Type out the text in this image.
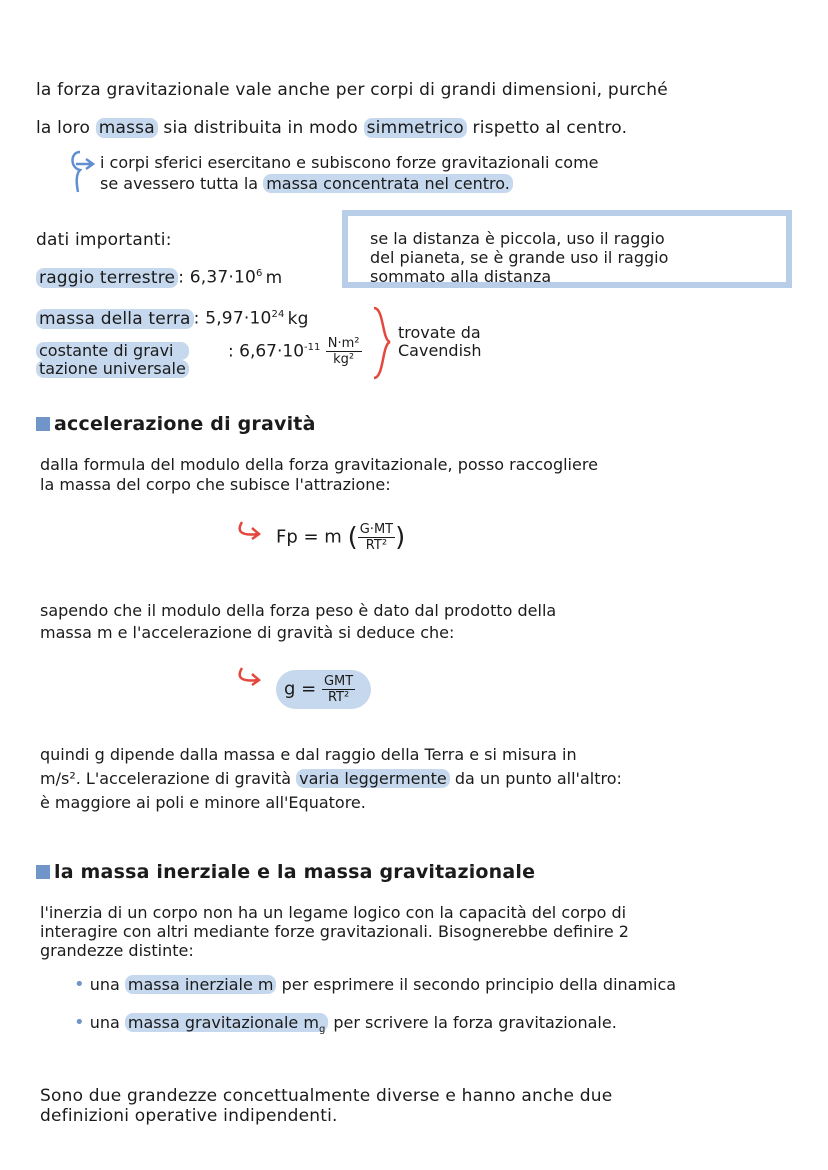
la forza gravitazionale vale anche per corpi di grandi dimensioni, purché
la loro massa sia distribuita in modo simmetrico rispetto al centro.
i corpi sferici esercitano e subiscono forze gravitazionali come
se avessero tutta la massa concentrata nel centro.
dati importanti:
raggio terrestre : $6,37\cdot 10^6$ m
massa della terra : $5,97\cdot 10^{24}$ kg
costante di gravi
tazione universale
: $6,67\cdot 10^{-11} \frac{\text{N·m²}}{\text{kg²}}$
trovate da
Cavendish
se la distanza è piccola, uso il raggio
del pianeta, se è grande uso il raggio
sommato alla distanza
accelerazione di gravità
dalla formula del modulo della forza gravitazionale, posso raccogliere
la massa del corpo che subisce l'attrazione:
Fp = m ( $\frac{G\cdot MT}{\text{RT²}}$ )
sapendo che il modulo della forza peso è dato dal prodotto della
massa m e l'accelerazione di gravità si deduce che:
$g = \frac{\text{GMT}}{\text{RT²}}$
quindi g dipende dalla massa e dal raggio della Terra e si misura in
m/s². L'accelerazione di gravità varia leggermente da un punto all'altro:
è maggiore ai poli e minore all'Equatore.
la massa inerziale e la massa gravitazionale
l'inerzia di un corpo non ha un legame logico con la capacità del corpo di
interagire con altri mediante forze gravitazionali. Bisognerebbe definire 2
grandezze distinte:
• una massa inerziale m per esprimere il secondo principio della dinamica
• una massa gravitazionale $m_g$ per scrivere la forza gravitazionale.
Sono due grandezze concettualmente diverse e hanno anche due
definizioni operative indipendenti.
